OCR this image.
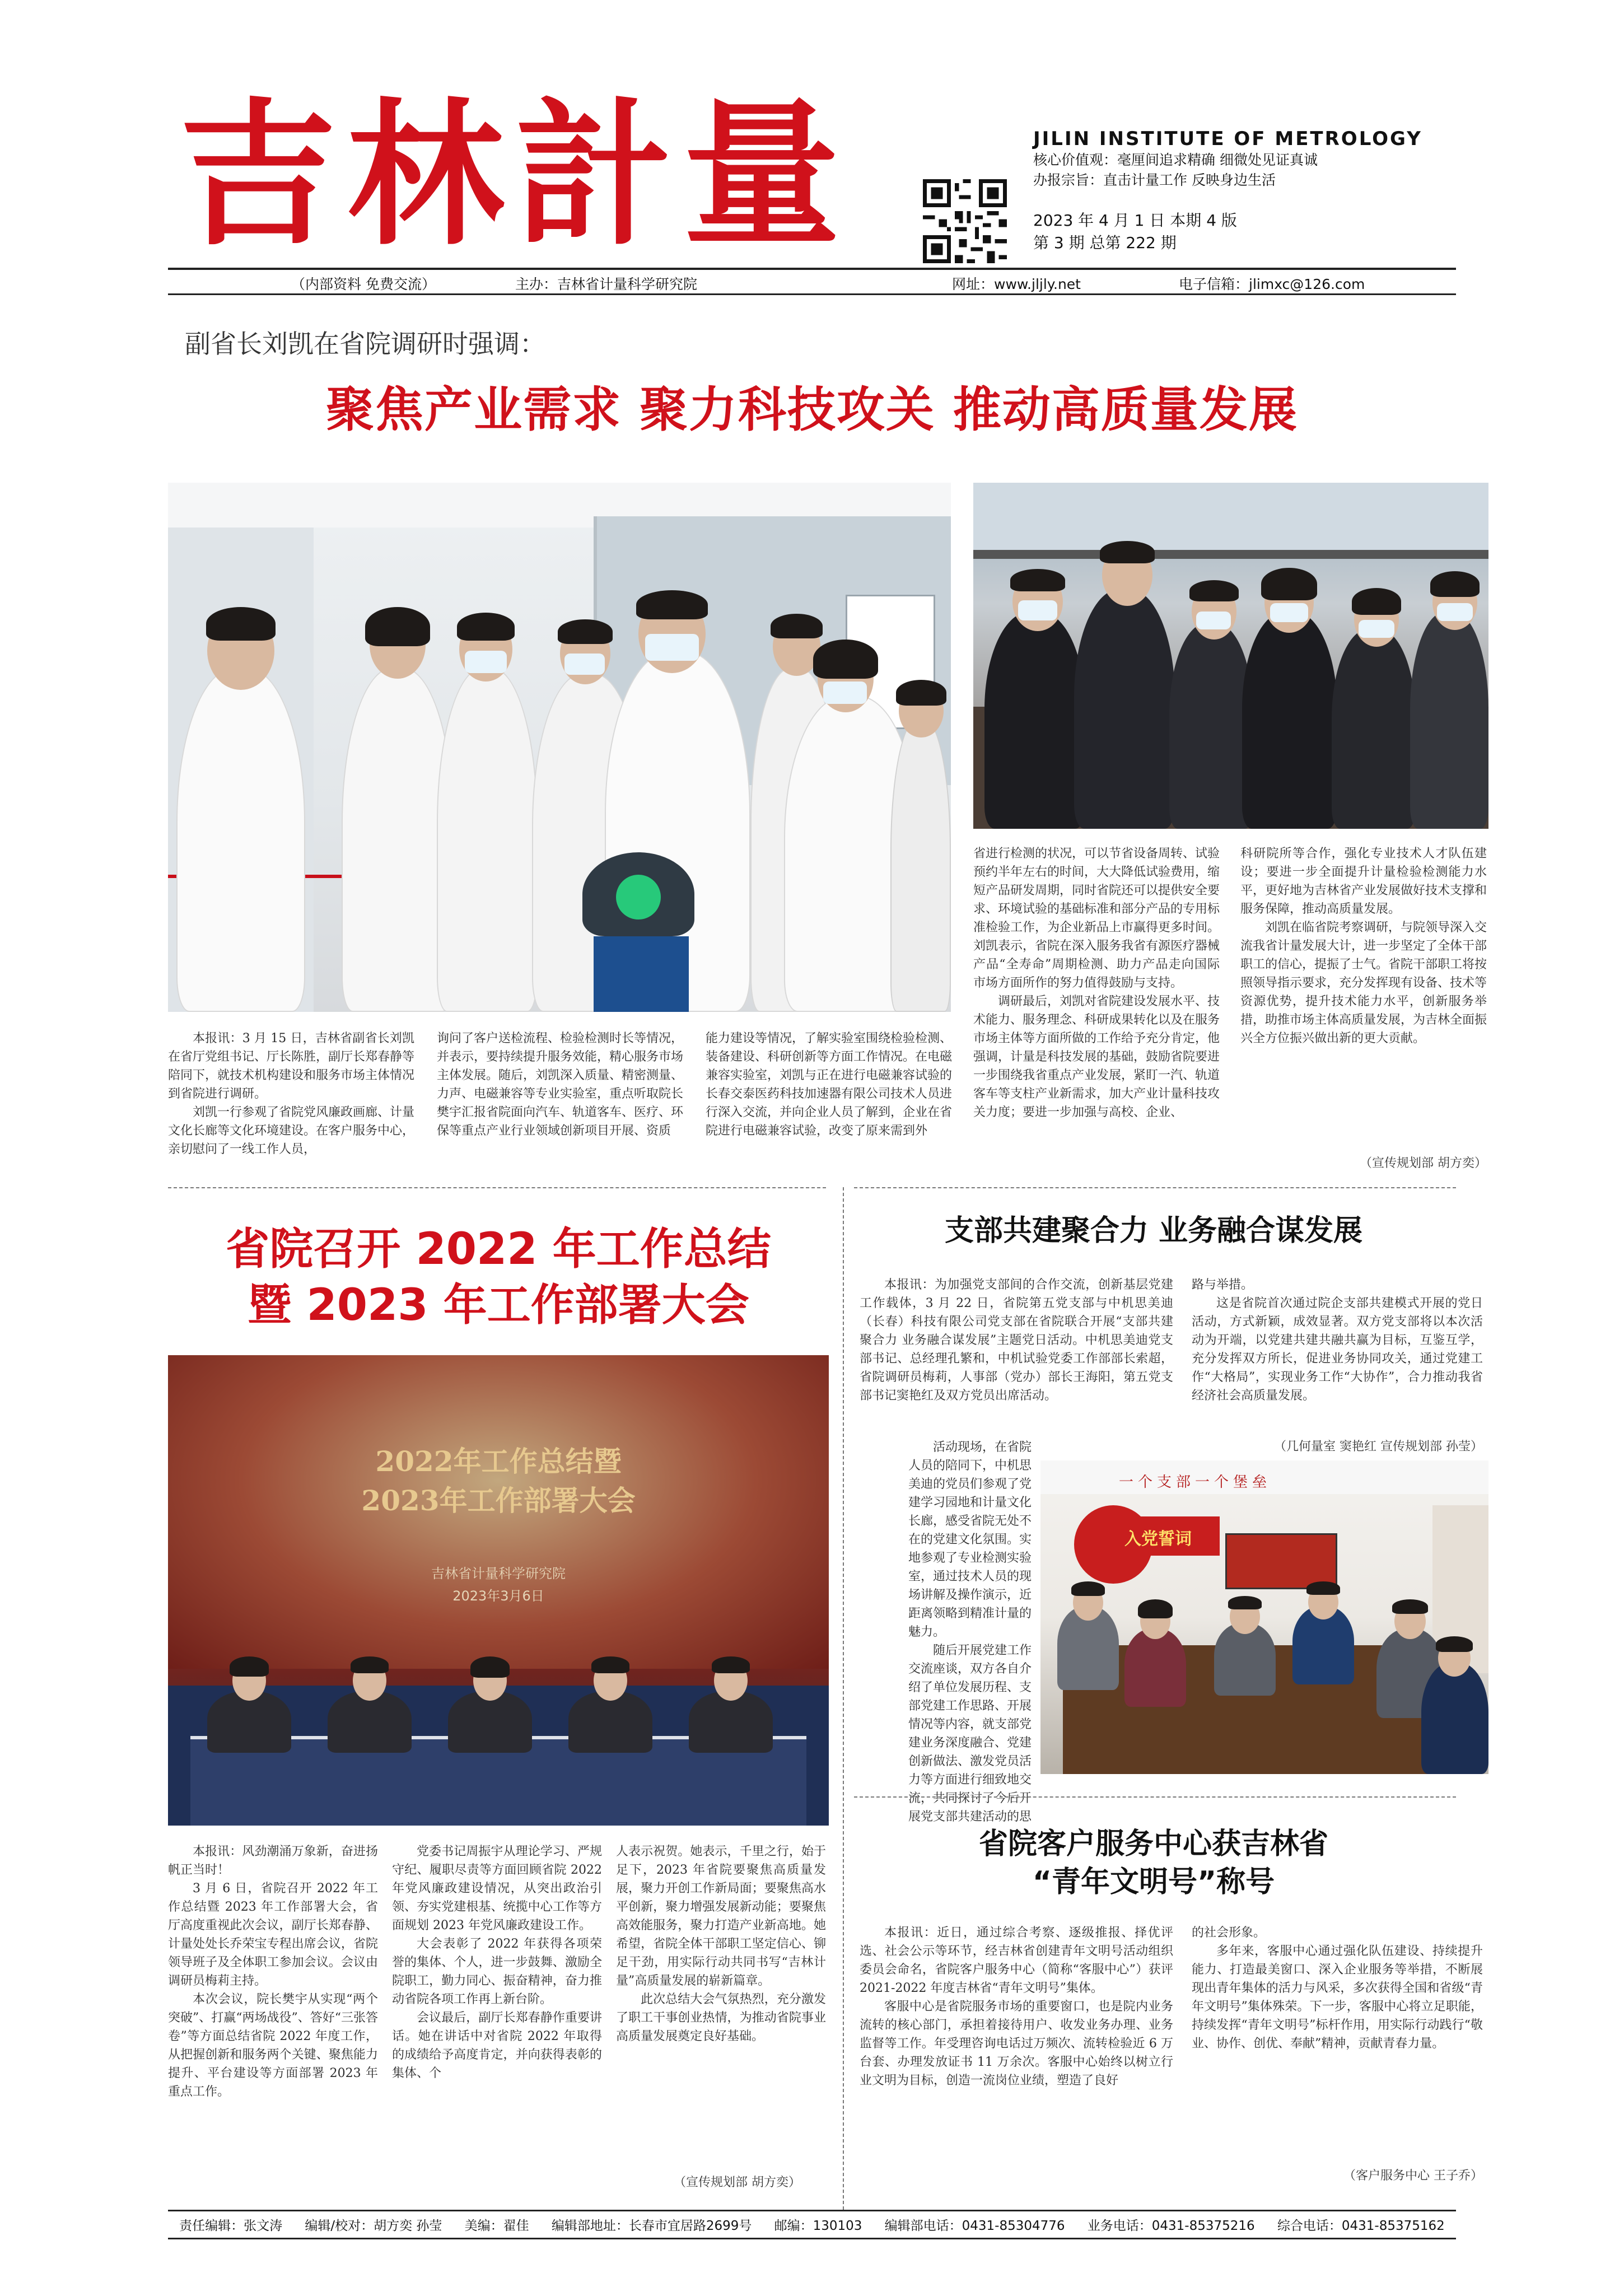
吉林計量	JILIN INSTITUTE OF METROLOGY
核心价值观：毫厘间追求精确 细微处见证真诚
办报宗旨：直击计量工作 反映身边生活
2023 年 4 月 1 日 本期 4 版
第 3 期 总第 222 期
（内部资料 免费交流）	主办：吉林省计量科学研究院	网址：www.jljly.net	电子信箱：jlimxc@126.com
副省长刘凯在省院调研时强调：
聚焦产业需求 聚力科技攻关 推动高质量发展

本报讯：3 月 15 日，吉林省副省长刘凯在省厅党组书记、厅长陈胜，副厅长郑春静等陪同下，就技术机构建设和服务市场主体情况到省院进行调研。

刘凯一行参观了省院党风廉政画廊、计量文化长廊等文化环境建设。在客户服务中心，亲切慰问了一线工作人员，

询问了客户送检流程、检验检测时长等情况，并表示，要持续提升服务效能，精心服务市场主体发展。随后，刘凯深入质量、精密测量、力声、电磁兼容等专业实验室，重点听取院长樊宇汇报省院面向汽车、轨道客车、医疗、环保等重点产业行业领域创新项目开展、资质

能力建设等情况，了解实验室围绕检验检测、装备建设、科研创新等方面工作情况。在电磁兼容实验室，刘凯与正在进行电磁兼容试验的长春交泰医药科技加速器有限公司技术人员进行深入交流，并向企业人员了解到，企业在省院进行电磁兼容试验，改变了原来需到外

省进行检测的状况，可以节省设备周转、试验预约半年左右的时间，大大降低试验费用，缩短产品研发周期，同时省院还可以提供安全要求、环境试验的基础标准和部分产品的专用标准检验工作，为企业新品上市赢得更多时间。刘凯表示，省院在深入服务我省有源医疗器械产品“全寿命”周期检测、助力产品走向国际市场方面所作的努力值得鼓励与支持。

调研最后，刘凯对省院建设发展水平、技术能力、服务理念、科研成果转化以及在服务市场主体等方面所做的工作给予充分肯定，他强调，计量是科技发展的基础，鼓励省院要进一步围绕我省重点产业发展，紧盯一汽、轨道客车等支柱产业新需求，加大产业计量科技攻关力度；要进一步加强与高校、企业、

科研院所等合作，强化专业技术人才队伍建设；要进一步全面提升计量检验检测能力水平，更好地为吉林省产业发展做好技术支撑和服务保障，推动高质量发展。

刘凯在临省院考察调研，与院领导深入交流我省计量发展大计，进一步坚定了全体干部职工的信心，提振了士气。省院干部职工将按照领导指示要求，充分发挥现有设备、技术等资源优势，提升技术能力水平，创新服务举措，助推市场主体高质量发展，为吉林全面振兴全方位振兴做出新的更大贡献。

（宣传规划部 胡方奕）
省院召开 2022 年工作总结
暨 2023 年工作部署大会
2022年工作总结暨
2023年工作部署大会
吉林省计量科学研究院
2023年3月6日

本报讯：风劲潮涌万象新，奋进扬帆正当时！

3 月 6 日，省院召开 2022 年工作总结暨 2023 年工作部署大会，省厅高度重视此次会议，副厅长郑春静、计量处处长乔荣宝专程出席会议，省院领导班子及全体职工参加会议。会议由调研员梅莉主持。

本次会议，院长樊宇从实现“两个突破”、打赢“两场战役”、答好“三张答卷”等方面总结省院 2022 年度工作，从把握创新和服务两个关键、聚焦能力提升、平台建设等方面部署 2023 年重点工作。

党委书记周振宇从理论学习、严规守纪、履职尽责等方面回顾省院 2022 年党风廉政建设情况，从突出政治引领、夯实党建根基、统揽中心工作等方面规划 2023 年党风廉政建设工作。

大会表彰了 2022 年获得各项荣誉的集体、个人，进一步鼓舞、激励全院职工，勤力同心、振奋精神，奋力推动省院各项工作再上新台阶。

会议最后，副厅长郑春静作重要讲话。她在讲话中对省院 2022 年取得的成绩给予高度肯定，并向获得表彰的集体、个

人表示祝贺。她表示，千里之行，始于足下，2023 年省院要聚焦高质量发展，聚力开创工作新局面；要聚焦高水平创新，聚力增强发展新动能；要聚焦高效能服务，聚力打造产业新高地。她希望，省院全体干部职工坚定信心、铆足干劲，用实际行动共同书写“吉林计量”高质量发展的崭新篇章。

此次总结大会气氛热烈，充分激发了职工干事创业热情，为推动省院事业高质量发展奠定良好基础。

（宣传规划部 胡方奕）
支部共建聚合力 业务融合谋发展

本报讯：为加强党支部间的合作交流，创新基层党建工作载体，3 月 22 日，省院第五党支部与中机思美迪（长春）科技有限公司党支部在省院联合开展“支部共建聚合力 业务融合谋发展”主题党日活动。中机思美迪党支部书记、总经理孔繁和，中机试验党委工作部部长索超，省院调研员梅莉，人事部（党办）部长王海阳，第五党支部书记窦艳红及双方党员出席活动。

活动现场，在省院人员的陪同下，中机思美迪的党员们参观了党建学习园地和计量文化长廊，感受省院无处不在的党建文化氛围。实地参观了专业检测实验室，通过技术人员的现场讲解及操作演示，近距离领略到精准计量的魅力。

随后开展党建工作交流座谈，双方各自介绍了单位发展历程、支部党建工作思路、开展情况等内容，就支部党建业务深度融合、党建创新做法、激发党员活力等方面进行细致地交流，共同探讨了今后开展党支部共建活动的思

路与举措。

这是省院首次通过院企支部共建模式开展的党日活动，方式新颖，成效显著。双方党支部将以本次活动为开端，以党建共建共融共赢为目标，互鉴互学，充分发挥双方所长，促进业务协同攻关，通过党建工作“大格局”，实现业务工作“大协作”，合力推动我省经济社会高质量发展。

（几何量室 窦艳红 宣传规划部 孙莹）
一个支部一个堡垒
入党誓词
省院客户服务中心获吉林省
“青年文明号”称号

本报讯：近日，通过综合考察、逐级推报、择优评选、社会公示等环节，经吉林省创建青年文明号活动组织委员会命名，省院客户服务中心（简称“客服中心”）获评 2021-2022 年度吉林省“青年文明号”集体。

客服中心是省院服务市场的重要窗口，也是院内业务流转的核心部门，承担着接待用户、收发业务办理、业务监督等工作。年受理咨询电话过万频次、流转检验近 6 万台套、办理发放证书 11 万余次。客服中心始终以树立行业文明为目标，创造一流岗位业绩，塑造了良好

的社会形象。

多年来，客服中心通过强化队伍建设、持续提升能力、打造最美窗口、深入企业服务等举措，不断展现出青年集体的活力与风采，多次获得全国和省级“青年文明号”集体殊荣。下一步，客服中心将立足职能，持续发挥“青年文明号”标杆作用，用实际行动践行“敬业、协作、创优、奉献”精神，贡献青春力量。

（客户服务中心 王子乔）
责任编辑：张文涛 编辑/校对：胡方奕 孙莹 美编：翟佳 编辑部地址：长春市宜居路2699号 邮编：130103 编辑部电话：0431-85304776 业务电话：0431-85375216 综合电话：0431-85375162
